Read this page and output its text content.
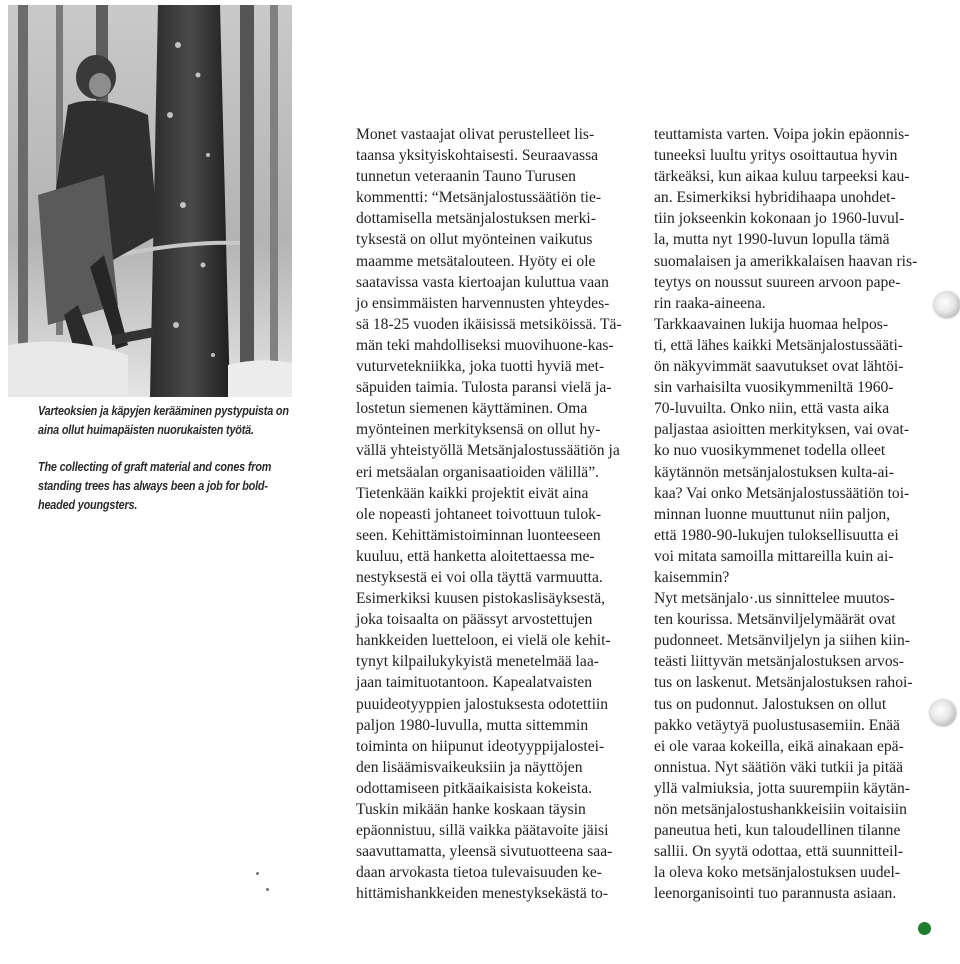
Varteoksien ja käpyjen kerääminen pystypuista on
aina ollut huimapäisten nuorukaisten työtä.
The collecting of graft material and cones from
standing trees has always been a job for bold-
headed youngsters.
Monet vastaajat olivat perustelleet lis-
taansa yksityiskohtaisesti. Seuraavassa
tunnetun veteraanin Tauno Turusen
kommentti: “Metsänjalostussäätiön tie-
dottamisella metsänjalostuksen merki-
tyksestä on ollut myönteinen vaikutus
maamme metsätalouteen. Hyöty ei ole
saatavissa vasta kiertoajan kuluttua vaan
jo ensimmäisten harvennusten yhteydes-
sä 18-25 vuoden ikäisissä metsiköissä. Tä-
män teki mahdolliseksi muovihuone-kas-
vuturvetekniikka, joka tuotti hyviä met-
säpuiden taimia. Tulosta paransi vielä ja-
lostetun siemenen käyttäminen. Oma
myönteinen merkityksensä on ollut hy-
vällä yhteistyöllä Metsänjalostussäätiön ja
eri metsäalan organisaatioiden välillä”.
Tietenkään kaikki projektit eivät aina
ole nopeasti johtaneet toivottuun tulok-
seen. Kehittämistoiminnan luonteeseen
kuuluu, että hanketta aloitettaessa me-
nestyksestä ei voi olla täyttä varmuutta.
Esimerkiksi kuusen pistokaslisäyksestä,
joka toisaalta on päässyt arvostettujen
hankkeiden luetteloon, ei vielä ole kehit-
tynyt kilpailukykyistä menetelmää laa-
jaan taimituotantoon. Kapealatvaisten
puuideotyyppien jalostuksesta odotettiin
paljon 1980-luvulla, mutta sittemmin
toiminta on hiipunut ideotyyppijalostei-
den lisäämisvaikeuksiin ja näyttöjen
odottamiseen pitkäaikaisista kokeista.
Tuskin mikään hanke koskaan täysin
epäonnistuu, sillä vaikka päätavoite jäisi
saavuttamatta, yleensä sivutuotteena saa-
daan arvokasta tietoa tulevaisuuden ke-
hittämishankkeiden menestyksekästä to-
teuttamista varten. Voipa jokin epäonnis-
tuneeksi luultu yritys osoittautua hyvin
tärkeäksi, kun aikaa kuluu tarpeeksi kau-
an. Esimerkiksi hybridihaapa unohdet-
tiin jokseenkin kokonaan jo 1960-luvul-
la, mutta nyt 1990-luvun lopulla tämä
suomalaisen ja amerikkalaisen haavan ris-
teytys on noussut suureen arvoon pape-
rin raaka-aineena.
Tarkkaavainen lukija huomaa helpos-
ti, että lähes kaikki Metsänjalostussääti-
ön näkyvimmät saavutukset ovat lähtöi-
sin varhaisilta vuosikymmeniltä 1960-
70-luvuilta. Onko niin, että vasta aika
paljastaa asioitten merkityksen, vai ovat-
ko nuo vuosikymmenet todella olleet
käytännön metsänjalostuksen kulta-ai-
kaa? Vai onko Metsänjalostussäätiön toi-
minnan luonne muuttunut niin paljon,
että 1980-90-lukujen tuloksellisuutta ei
voi mitata samoilla mittareilla kuin ai-
kaisemmin?
Nyt metsänjalo·.us sinnittelee muutos-
ten kourissa. Metsänviljelymäärät ovat
pudonneet. Metsänviljelyn ja siihen kiin-
teästi liittyvän metsänjalostuksen arvos-
tus on laskenut. Metsänjalostuksen rahoi-
tus on pudonnut. Jalostuksen on ollut
pakko vetäytyä puolustusasemiin. Enää
ei ole varaa kokeilla, eikä ainakaan epä-
onnistua. Nyt säätiön väki tutkii ja pitää
yllä valmiuksia, jotta suurempiin käytän-
nön metsänjalostushankkeisiin voitaisiin
paneutua heti, kun taloudellinen tilanne
sallii. On syytä odottaa, että suunnitteil-
la oleva koko metsänjalostuksen uudel-
leenorganisointi tuo parannusta asiaan.
